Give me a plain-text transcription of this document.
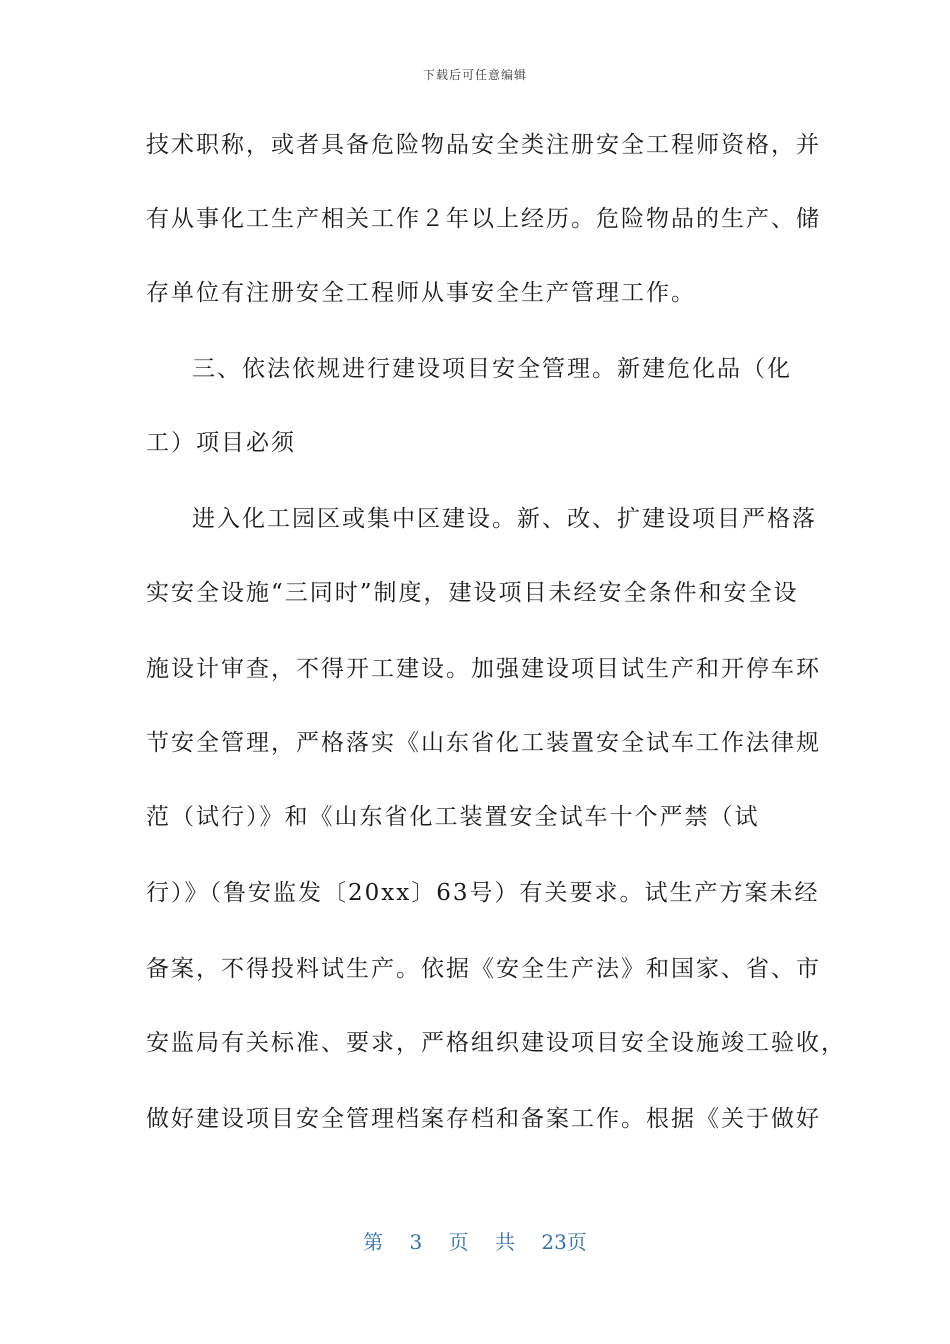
下载后可任意编辑
技术职称，或者具备危险物品安全类注册安全工程师资格，并
有从事化工生产相关工作２年以上经历。危险物品的生产、储
存单位有注册安全工程师从事安全生产管理工作。
三、依法依规进行建设项目安全管理。新建危化品（化
工）项目必须
进入化工园区或集中区建设。新、改、扩建设项目严格落
实安全设施“三同时”制度，建设项目未经安全条件和安全设
施设计审查，不得开工建设。加强建设项目试生产和开停车环
节安全管理，严格落实《山东省化工装置安全试车工作法律规
范（试行）》和《山东省化工装置安全试车十个严禁（试
行）》（鲁安监发〔20xx〕63号）有关要求。试生产方案未经
备案，不得投料试生产。依据《安全生产法》和国家、省、市
安监局有关标准、要求，严格组织建设项目安全设施竣工验收，
做好建设项目安全管理档案存档和备案工作。根据《关于做好
第 3 页 共 23页
